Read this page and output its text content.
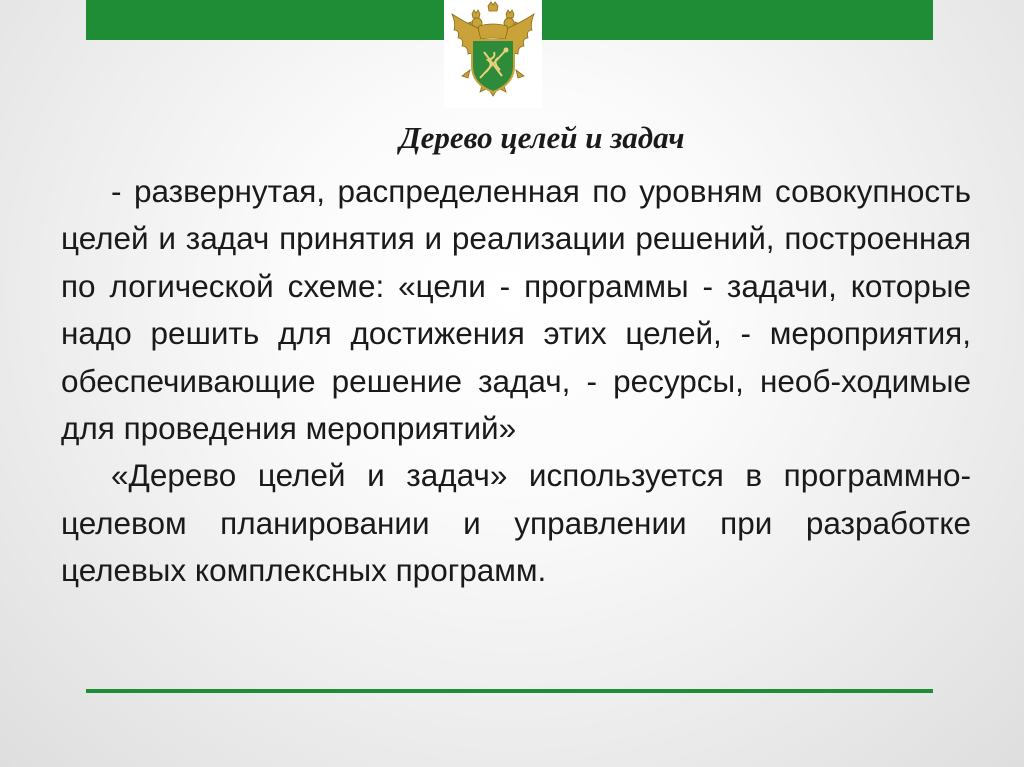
Дерево целей и задач

- развернутая, распределенная по уровням совокупность целей и задач принятия и реализации решений, построенная по логической схеме: «цели - программы - задачи, которые надо решить для достижения этих целей, - мероприятия, обеспечивающие решение задач, - ресурсы, необ-ходимые для проведения мероприятий»

«Дерево целей и задач» используется в программно-целевом планировании и управлении при разработке целевых комплексных программ.
